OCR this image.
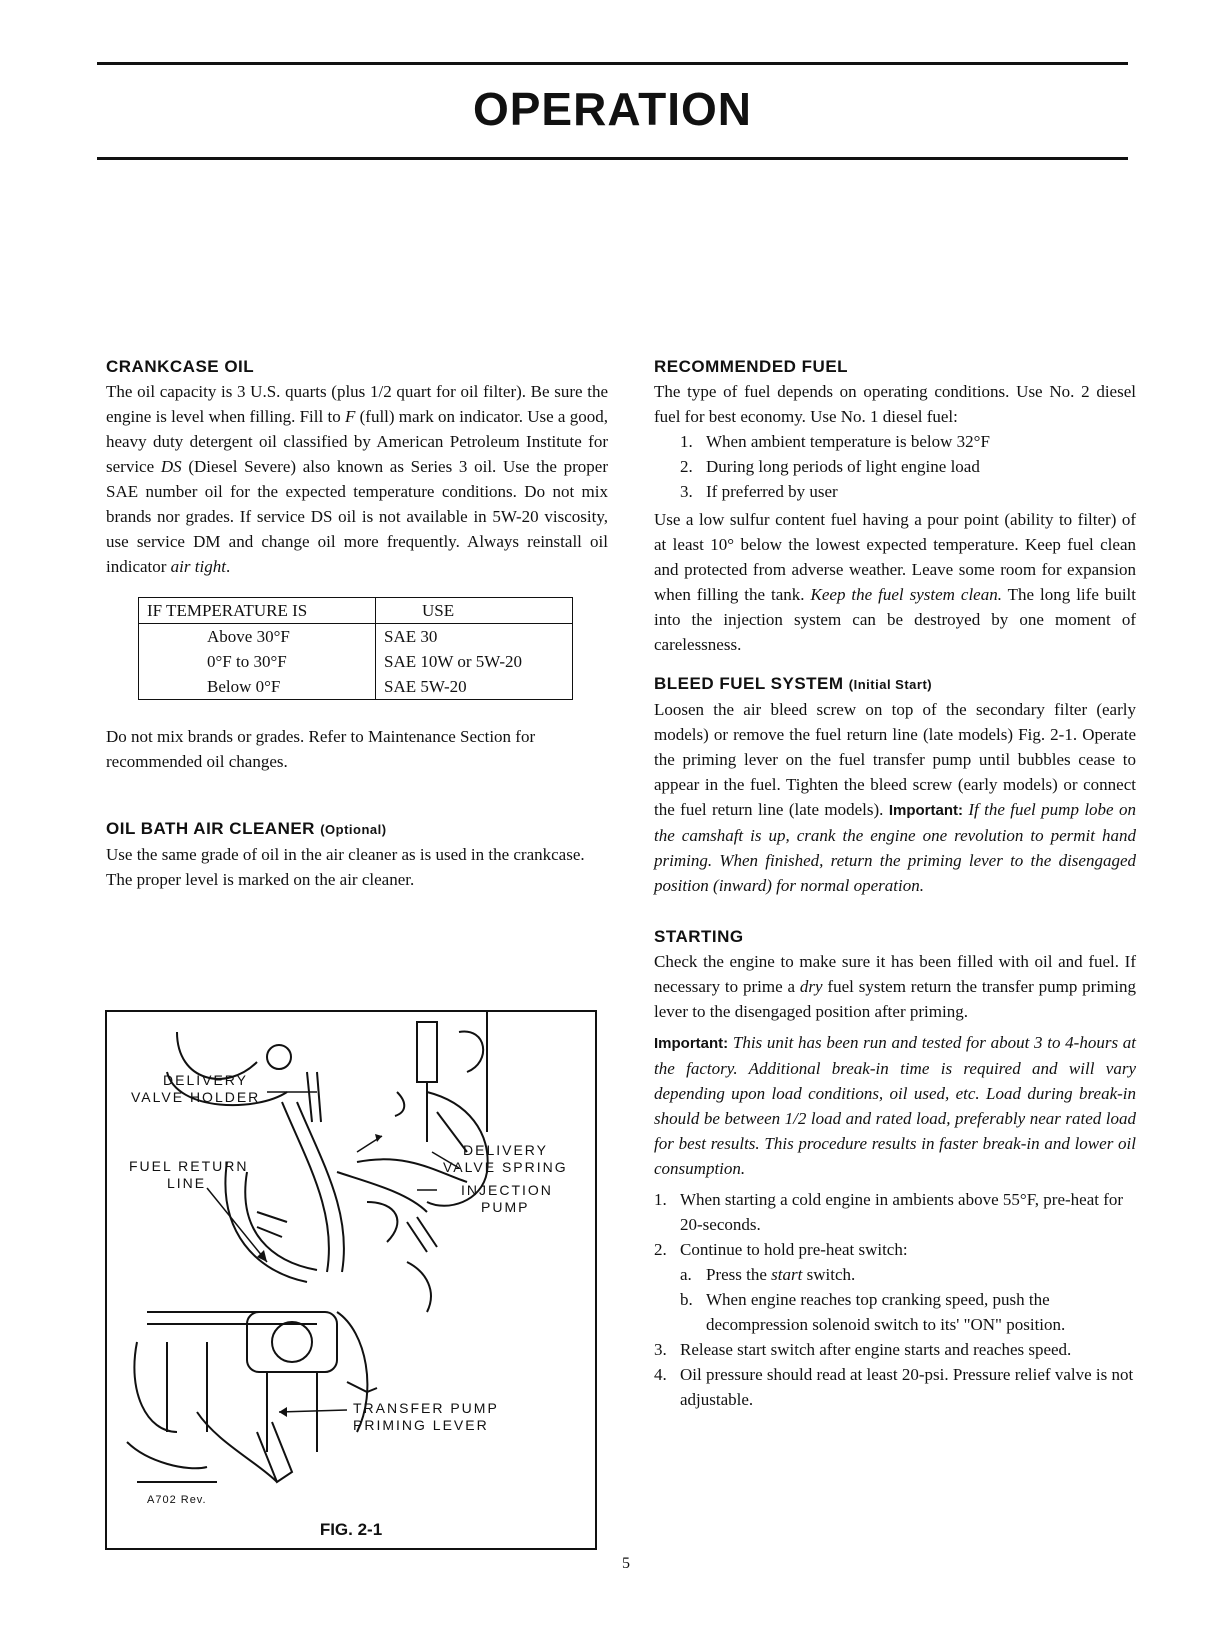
OPERATION

CRANKCASE OIL

The oil capacity is 3 U.S. quarts (plus 1/2 quart for oil filter). Be sure the engine is level when filling. Fill to F (full) mark on indicator. Use a good, heavy duty detergent oil classified by American Petroleum Institute for service DS (Diesel Severe) also known as Series 3 oil. Use the proper SAE number oil for the expected temperature conditions. Do not mix brands nor grades. If service DS oil is not available in 5W-20 viscosity, use service DM and change oil more frequently. Always reinstall oil indicator air tight.

IF TEMPERATURE IS	USE
Above 30°F	SAE 30
0°F to 30°F	SAE 10W or 5W-20
Below 0°F	SAE 5W-20

Do not mix brands or grades. Refer to Maintenance Section for recommended oil changes.

OIL BATH AIR CLEANER (Optional)

Use the same grade of oil in the air cleaner as is used in the crankcase. The proper level is marked on the air cleaner.

DELIVERY
VALVE HOLDER
FUEL RETURN
LINE
DELIVERY
VALVE SPRING
INJECTION
PUMP
TRANSFER PUMP
PRIMING LEVER
A702 Rev.
FIG. 2-1

RECOMMENDED FUEL

The type of fuel depends on operating conditions. Use No. 2 diesel fuel for best economy. Use No. 1 diesel fuel:

1. When ambient temperature is below 32°F
2. During long periods of light engine load
3. If preferred by user

Use a low sulfur content fuel having a pour point (ability to filter) of at least 10° below the lowest expected temperature. Keep fuel clean and protected from adverse weather. Leave some room for expansion when filling the tank. Keep the fuel system clean. The long life built into the injection system can be destroyed by one moment of carelessness.

BLEED FUEL SYSTEM (Initial Start)

Loosen the air bleed screw on top of the secondary filter (early models) or remove the fuel return line (late models) Fig. 2-1. Operate the priming lever on the fuel transfer pump until bubbles cease to appear in the fuel. Tighten the bleed screw (early models) or connect the fuel return line (late models). Important: If the fuel pump lobe on the camshaft is up, crank the engine one revolution to permit hand priming. When finished, return the priming lever to the disengaged position (inward) for normal operation.

STARTING

Check the engine to make sure it has been filled with oil and fuel. If necessary to prime a dry fuel system return the transfer pump priming lever to the disengaged position after priming.

Important: This unit has been run and tested for about 3 to 4-hours at the factory. Additional break-in time is required and will vary depending upon load conditions, oil used, etc. Load during break-in should be between 1/2 load and rated load, preferably near rated load for best results. This procedure results in faster break-in and lower oil consumption.

1. When starting a cold engine in ambients above 55°F, pre-heat for 20-seconds.
2. Continue to hold pre-heat switch:
a. Press the start switch.
b. When engine reaches top cranking speed, push the decompression solenoid switch to its' "ON" position.
3. Release start switch after engine starts and reaches speed.
4. Oil pressure should read at least 20-psi. Pressure relief valve is not adjustable.
5
